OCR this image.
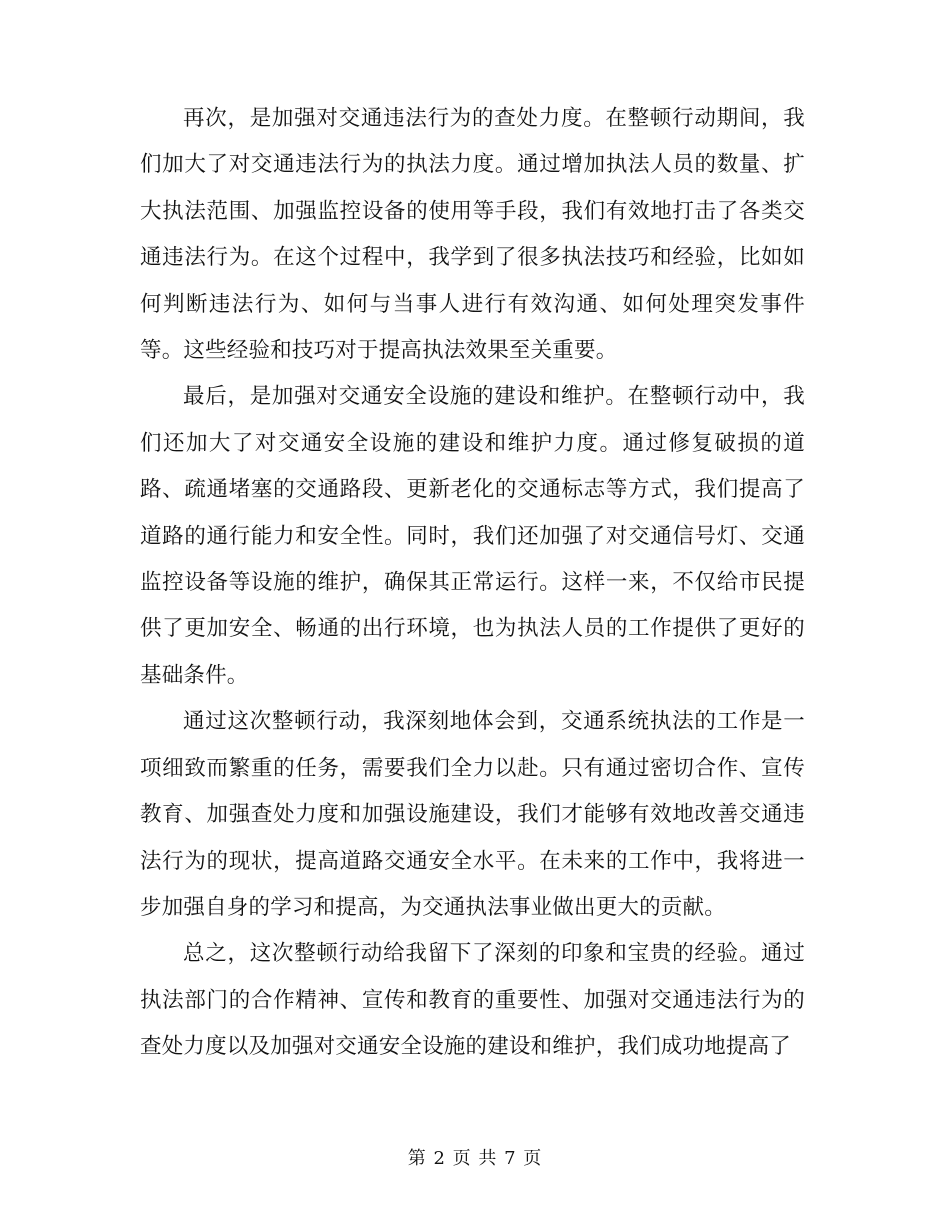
再次，是加强对交通违法行为的查处力度。在整顿行动期间，我们加大了对交通违法行为的执法力度。通过增加执法人员的数量、扩大执法范围、加强监控设备的使用等手段，我们有效地打击了各类交通违法行为。在这个过程中，我学到了很多执法技巧和经验，比如如何判断违法行为、如何与当事人进行有效沟通、如何处理突发事件等。这些经验和技巧对于提高执法效果至关重要。

最后，是加强对交通安全设施的建设和维护。在整顿行动中，我们还加大了对交通安全设施的建设和维护力度。通过修复破损的道路、疏通堵塞的交通路段、更新老化的交通标志等方式，我们提高了道路的通行能力和安全性。同时，我们还加强了对交通信号灯、交通监控设备等设施的维护，确保其正常运行。这样一来，不仅给市民提供了更加安全、畅通的出行环境，也为执法人员的工作提供了更好的基础条件。

通过这次整顿行动，我深刻地体会到，交通系统执法的工作是一项细致而繁重的任务，需要我们全力以赴。只有通过密切合作、宣传教育、加强查处力度和加强设施建设，我们才能够有效地改善交通违法行为的现状，提高道路交通安全水平。在未来的工作中，我将进一步加强自身的学习和提高，为交通执法事业做出更大的贡献。

总之，这次整顿行动给我留下了深刻的印象和宝贵的经验。通过执法部门的合作精神、宣传和教育的重要性、加强对交通违法行为的查处力度以及加强对交通安全设施的建设和维护，我们成功地提高了

第 2 页 共 7 页
